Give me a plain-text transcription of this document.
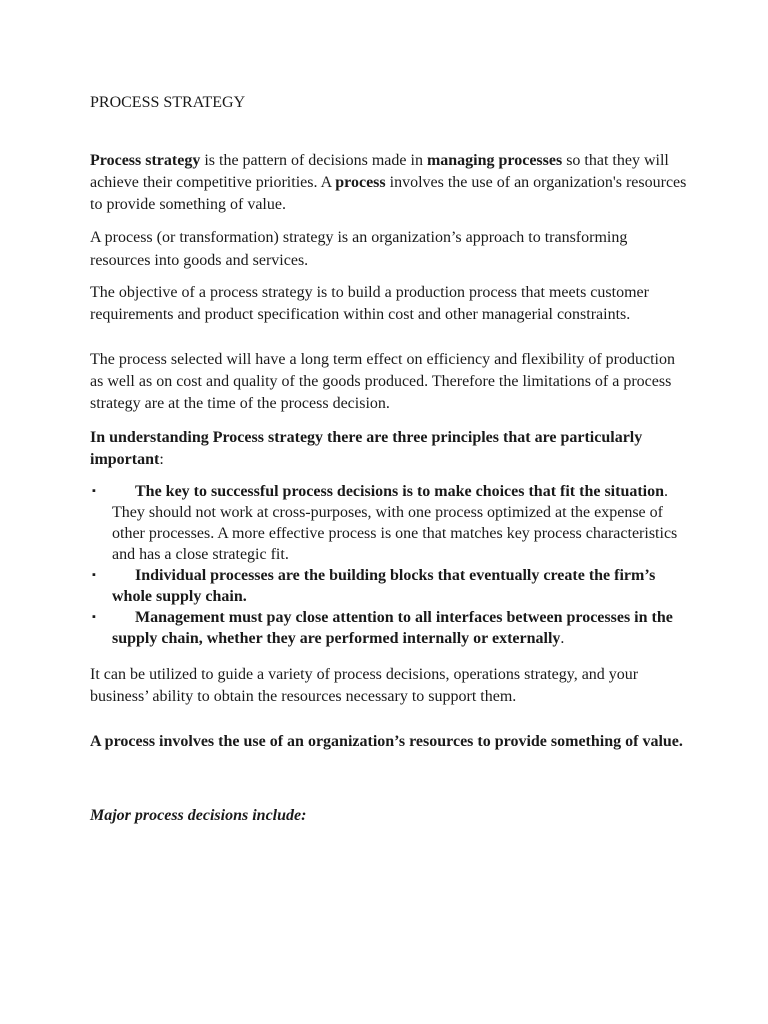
PROCESS STRATEGY

Process strategy is the pattern of decisions made in managing processes so that they will achieve their competitive priorities. A process involves the use of an organization's resources to provide something of value.

A process (or transformation) strategy is an organization’s approach to transforming resources into goods and services.

The objective of a process strategy is to build a production process that meets customer requirements and product specification within cost and other managerial constraints.

The process selected will have a long term effect on efficiency and flexibility of production as well as on cost and quality of the goods produced. Therefore the limitations of a process strategy are at the time of the process decision.

In understanding Process strategy there are three principles that are particularly important:

▪ The key to successful process decisions is to make choices that fit the situation. They should not work at cross-purposes, with one process optimized at the expense of other processes. A more effective process is one that matches key process characteristics and has a close strategic fit.
▪ Individual processes are the building blocks that eventually create the firm’s whole supply chain.
▪ Management must pay close attention to all interfaces between processes in the supply chain, whether they are performed internally or externally.

It can be utilized to guide a variety of process decisions, operations strategy, and your business’ ability to obtain the resources necessary to support them.

A process involves the use of an organization’s resources to provide something of value.

Major process decisions include:
